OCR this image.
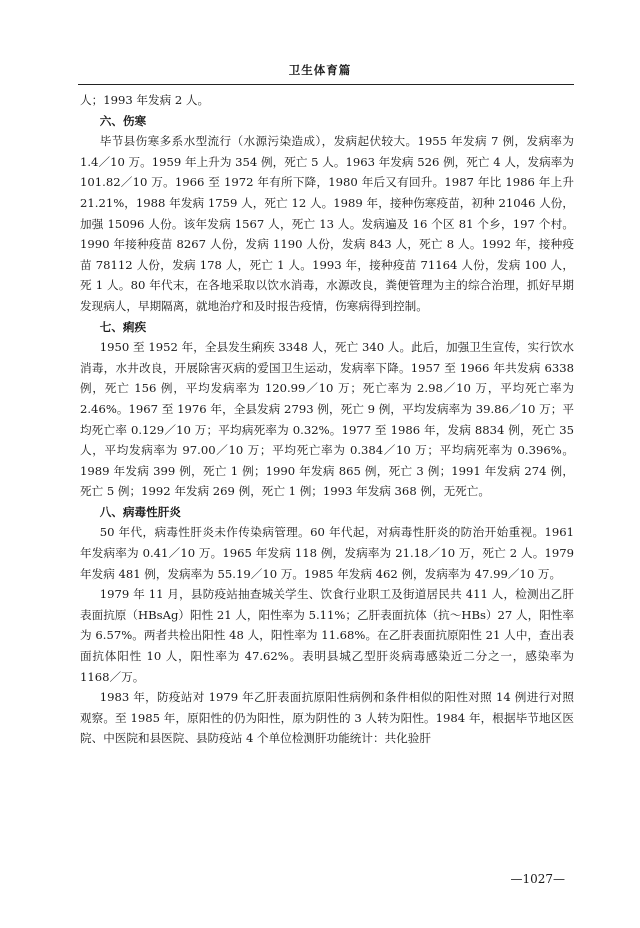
卫生体育篇

人；1993 年发病 2 人。

六、伤寒

毕节县伤寒多系水型流行（水源污染造成），发病起伏较大。1955 年发病 7 例，发病率为 1.4／10 万。1959 年上升为 354 例，死亡 5 人。1963 年发病 526 例，死亡 4 人，发病率为 101.82／10 万。1966 至 1972 年有所下降，1980 年后又有回升。1987 年比 1986 年上升 21.21%，1988 年发病 1759 人，死亡 12 人。1989 年，接种伤寒疫苗，初种 21046 人份，加强 15096 人份。该年发病 1567 人，死亡 13 人。发病遍及 16 个区 81 个乡，197 个村。1990 年接种疫苗 8267 人份，发病 1190 人份，发病 843 人，死亡 8 人。1992 年，接种疫苗 78112 人份，发病 178 人，死亡 1 人。1993 年，接种疫苗 71164 人份，发病 100 人，死 1 人。80 年代末，在各地采取以饮水消毒，水源改良，粪便管理为主的综合治理，抓好早期发现病人，早期隔离，就地治疗和及时报告疫情，伤寒病得到控制。

七、痢疾

1950 至 1952 年，全县发生痢疾 3348 人，死亡 340 人。此后，加强卫生宣传，实行饮水消毒，水井改良，开展除害灭病的爱国卫生运动，发病率下降。1957 至 1966 年共发病 6338 例，死亡 156 例，平均发病率为 120.99／10 万；死亡率为 2.98／10 万，平均死亡率为 2.46%。1967 至 1976 年，全县发病 2793 例，死亡 9 例，平均发病率为 39.86／10 万；平均死亡率 0.129／10 万；平均病死率为 0.32%。1977 至 1986 年，发病 8834 例，死亡 35 人，平均发病率为 97.00／10 万；平均死亡率为 0.384／10 万；平均病死率为 0.396%。1989 年发病 399 例，死亡 1 例；1990 年发病 865 例，死亡 3 例；1991 年发病 274 例，死亡 5 例；1992 年发病 269 例，死亡 1 例；1993 年发病 368 例，无死亡。

八、病毒性肝炎

50 年代，病毒性肝炎未作传染病管理。60 年代起，对病毒性肝炎的防治开始重视。1961 年发病率为 0.41／10 万。1965 年发病 118 例，发病率为 21.18／10 万，死亡 2 人。1979 年发病 481 例，发病率为 55.19／10 万。1985 年发病 462 例，发病率为 47.99／10 万。

1979 年 11 月，县防疫站抽查城关学生、饮食行业职工及街道居民共 411 人，检测出乙肝表面抗原（HBsAg）阳性 21 人，阳性率为 5.11%；乙肝表面抗体（抗～HBs）27 人，阳性率为 6.57%。两者共检出阳性 48 人，阳性率为 11.68%。在乙肝表面抗原阳性 21 人中，查出表面抗体阳性 10 人，阳性率为 47.62%。表明县城乙型肝炎病毒感染近二分之一，感染率为 1168／万。

1983 年，防疫站对 1979 年乙肝表面抗原阳性病例和条件相似的阳性对照 14 例进行对照观察。至 1985 年，原阳性的仍为阳性，原为阴性的 3 人转为阳性。1984 年，根据毕节地区医院、中医院和县医院、县防疫站 4 个单位检测肝功能统计：共化验肝

—1027—
